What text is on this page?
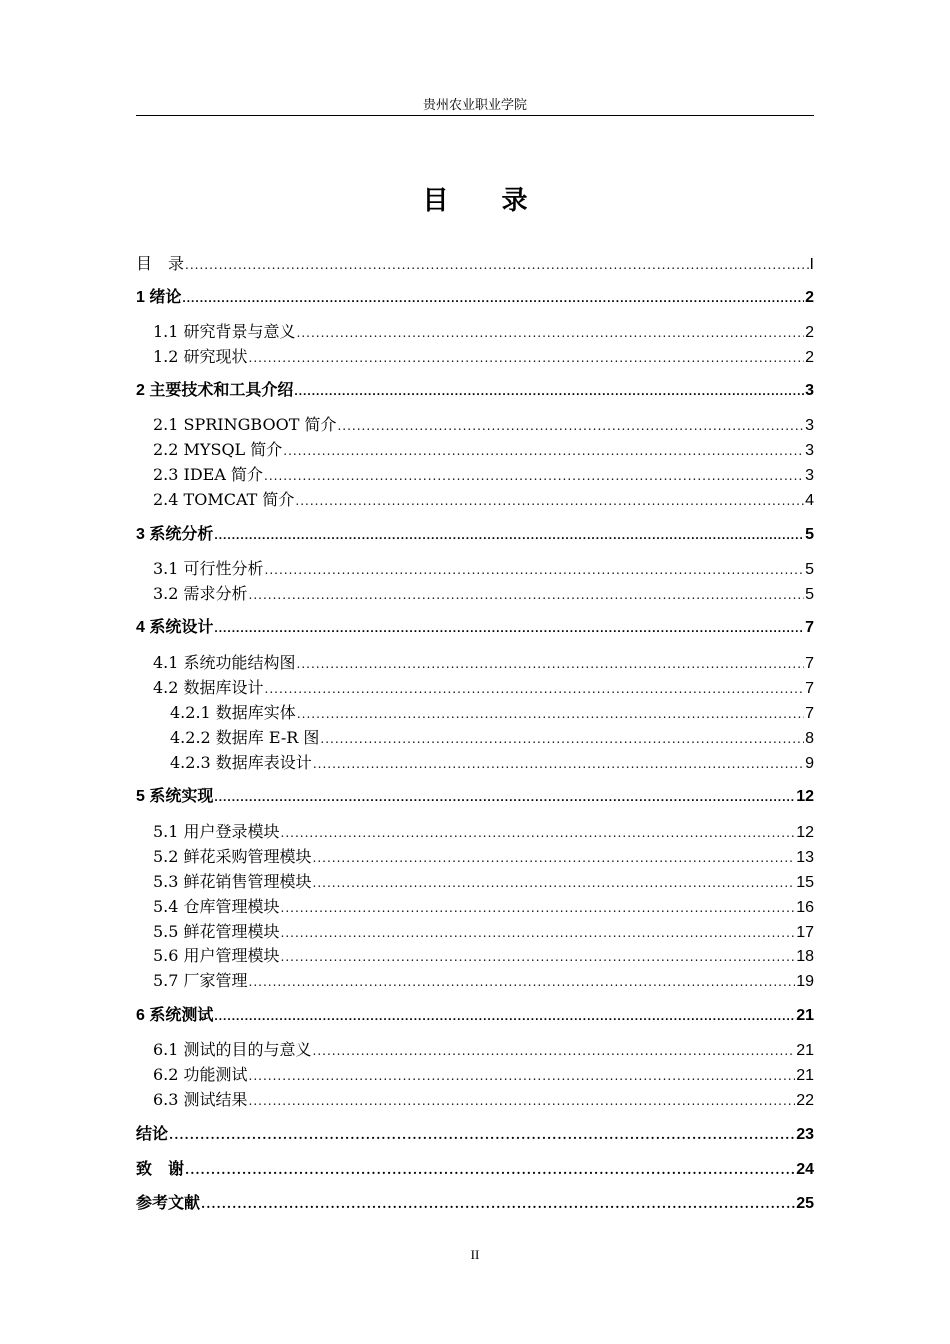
贵州农业职业学院
目 录
目　录 .....	I
1 绪论 .....	2
1.1 研究背景与意义 .....	2
1.2 研究现状 .....	2
2 主要技术和工具介绍 .....	3
2.1 SPRINGBOOT 简介 .....	3
2.2 MYSQL 简介 .....	3
2.3 IDEA 简介 .....	3
2.4 TOMCAT 简介 .....	4
3 系统分析 .....	5
3.1 可行性分析 .....	5
3.2 需求分析 .....	5
4 系统设计 .....	7
4.1 系统功能结构图 .....	7
4.2 数据库设计 .....	7
4.2.1 数据库实体 .....	7
4.2.2 数据库 E-R 图 .....	8
4.2.3 数据库表设计 .....	9
5 系统实现 .....	12
5.1 用户登录模块 .....	12
5.2 鲜花采购管理模块 .....	13
5.3 鲜花销售管理模块 .....	15
5.4 仓库管理模块 .....	16
5.5 鲜花管理模块 .....	17
5.6 用户管理模块 .....	18
5.7 厂家管理 .....	19
6 系统测试 .....	21
6.1 测试的目的与意义 .....	21
6.2 功能测试 .....	21
6.3 测试结果 .....	22
结论 .....	23
致　谢 .....	24
参考文献 .....	25
II
